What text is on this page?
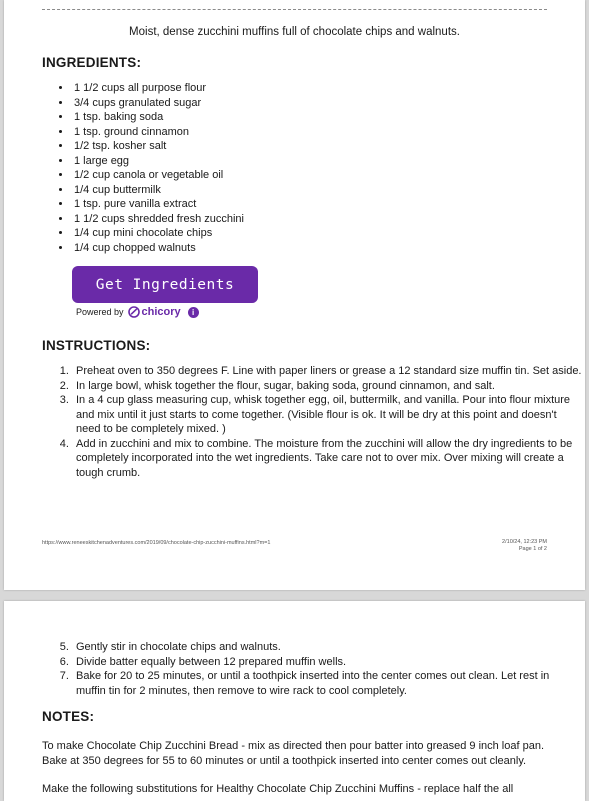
Moist, dense zucchini muffins full of chocolate chips and walnuts.
INGREDIENTS:
• 1 1/2 cups all purpose flour
• 3/4 cups granulated sugar
• 1 tsp. baking soda
• 1 tsp. ground cinnamon
• 1/2 tsp. kosher salt
• 1 large egg
• 1/2 cup canola or vegetable oil
• 1/4 cup buttermilk
• 1 tsp. pure vanilla extract
• 1 1/2 cups shredded fresh zucchini
• 1/4 cup mini chocolate chips
• 1/4 cup chopped walnuts
Get Ingredients
Powered by chicory	i
INSTRUCTIONS:
1. Preheat oven to 350 degrees F. Line with paper liners or grease a 12 standard size muffin tin. Set aside.
2. In large bowl, whisk together the flour, sugar, baking soda, ground cinnamon, and salt.
3. In a 4 cup glass measuring cup, whisk together egg, oil, buttermilk, and vanilla. Pour into flour mixture and mix until it just starts to come together. (Visible flour is ok. It will be dry at this point and doesn't need to be completely mixed. )
4. Add in zucchini and mix to combine. The moisture from the zucchini will allow the dry ingredients to be completely incorporated into the wet ingredients. Take care not to over mix. Over mixing will create a tough crumb.
https://www.reneeskitchenadventures.com/2019/09/chocolate-chip-zucchini-muffins.html?m=1	2/10/24, 12:23 PM
Page 1 of 2
5. Gently stir in chocolate chips and walnuts.
6. Divide batter equally between 12 prepared muffin wells.
7. Bake for 20 to 25 minutes, or until a toothpick inserted into the center comes out clean. Let rest in muffin tin for 2 minutes, then remove to wire rack to cool completely.
NOTES:
To make Chocolate Chip Zucchini Bread - mix as directed then pour batter into greased 9 inch loaf pan. Bake at 350 degrees for 55 to 60 minutes or until a toothpick inserted into center comes out cleanly.
Make the following substitutions for Healthy Chocolate Chip Zucchini Muffins - replace half the all
